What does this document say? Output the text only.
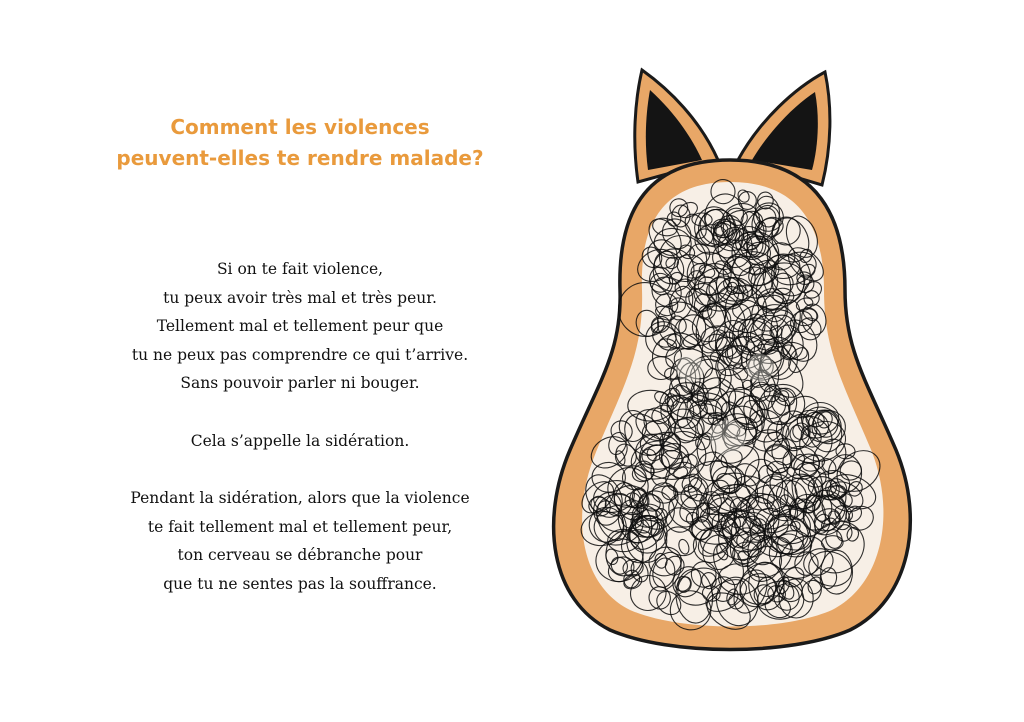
Comment les violences
peuvent-elles te rendre malade?

Si on te fait violence,
tu peux avoir très mal et très peur.
Tellement mal et tellement peur que
tu ne peux pas comprendre ce qui t’arrive.
Sans pouvoir parler ni bouger.

Cela s’appelle la sidération.

Pendant la sidération, alors que la violence
te fait tellement mal et tellement peur,
ton cerveau se débranche pour
que tu ne sentes pas la souffrance.
